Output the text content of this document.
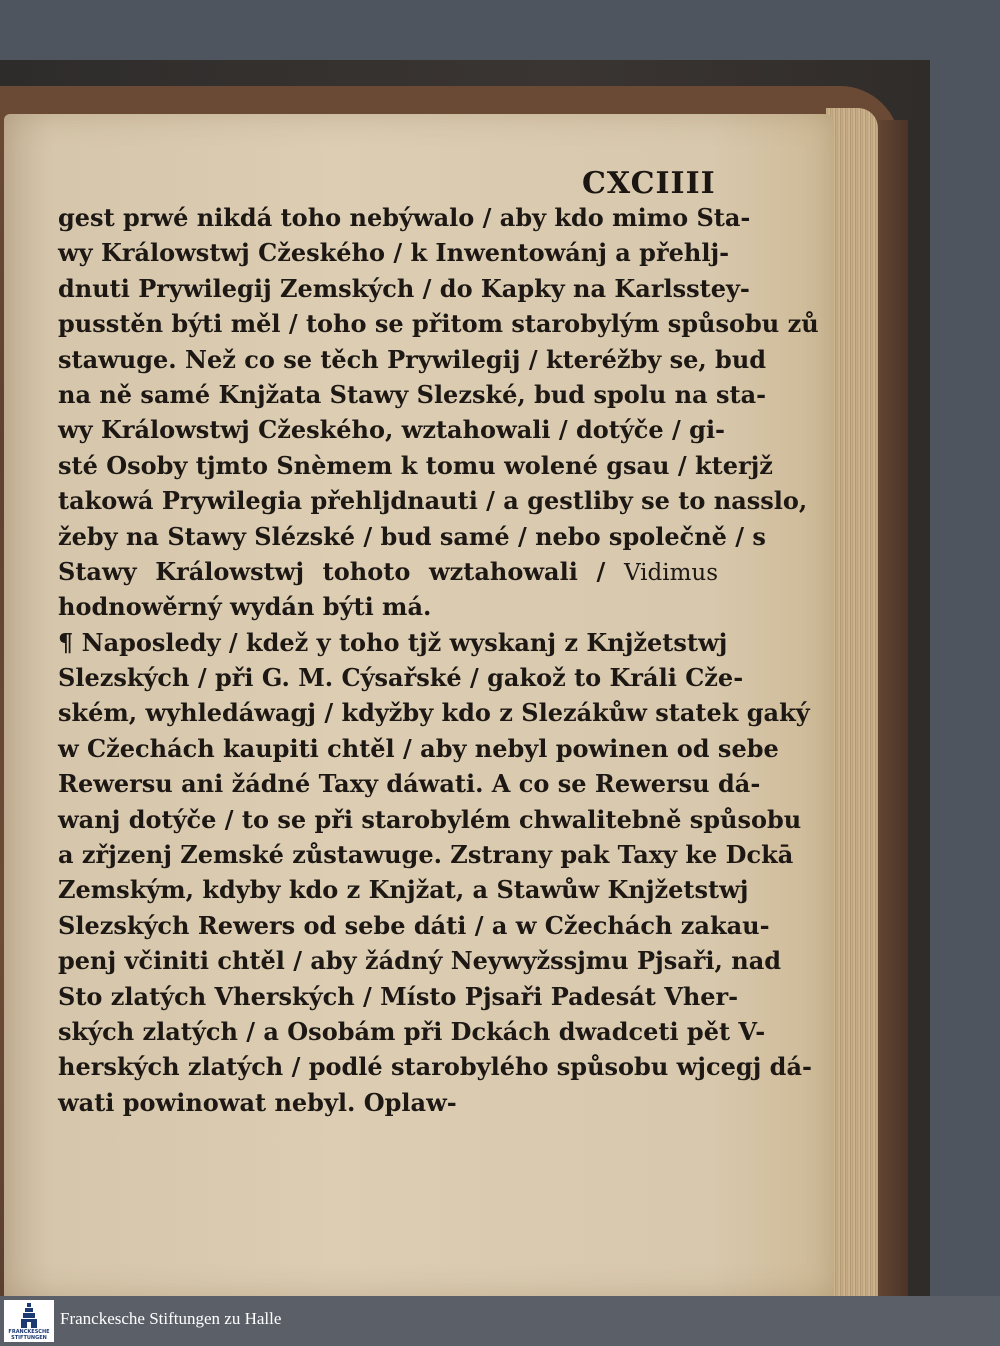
CXCIIII
gest prwé nikdá toho nebýwalo / aby kdo mimo Sta-
wy Králowstwj Cžeského / k Inwentowánj a přehlj-
dnuti Prywilegij Zemských / do Kapky na Karlsstey-
pusstěn býti měl / toho se přitom starobylým spůsobu zů
stawuge. Než co se těch Prywilegij / kteréžby se, bud
na ně samé Knjžata Stawy Slezské, bud spolu na sta-
wy Králowstwj Cžeského, wztahowali / dotýče / gi-
sté Osoby tjmto Snèmem k tomu wolené gsau / kterjž
takowá Prywilegia přehljdnauti / a gestliby se to nasslo,
žeby na Stawy Slézské / bud samé / nebo společně / s
Stawy Králowstwj tohoto wztahowali / Vidimus
hodnowěrný wydán býti má.
¶ Naposledy / kdež y toho tjž wyskanj z Knjžetstwj
Slezských / při G. M. Cýsařské / gakož to Králi Cže-
ském, wyhledáwagj / kdyžby kdo z Slezákůw statek gaký
w Cžechách kaupiti chtěl / aby nebyl powinen od sebe
Rewersu ani žádné Taxy dáwati. A co se Rewersu dá-
wanj dotýče / to se při starobylém chwalitebně spůsobu
a zřjzenj Zemské zůstawuge. Zstrany pak Taxy ke Dckā
Zemským, kdyby kdo z Knjžat, a Stawůw Knjžetstwj
Slezských Rewers od sebe dáti / a w Cžechách zakau-
penj včiniti chtěl / aby žádný Neywyžssjmu Pjsaři, nad
Sto zlatých Vherských / Místo Pjsaři Padesát Vher-
ských zlatých / a Osobám při Dckách dwadceti pět V-
herských zlatých / podlé starobylého spůsobu wjcegj dá-
wati powinowat nebyl. Oplaw-
FRANCKESCHE
STIFTUNGEN
Franckesche Stiftungen zu Halle
